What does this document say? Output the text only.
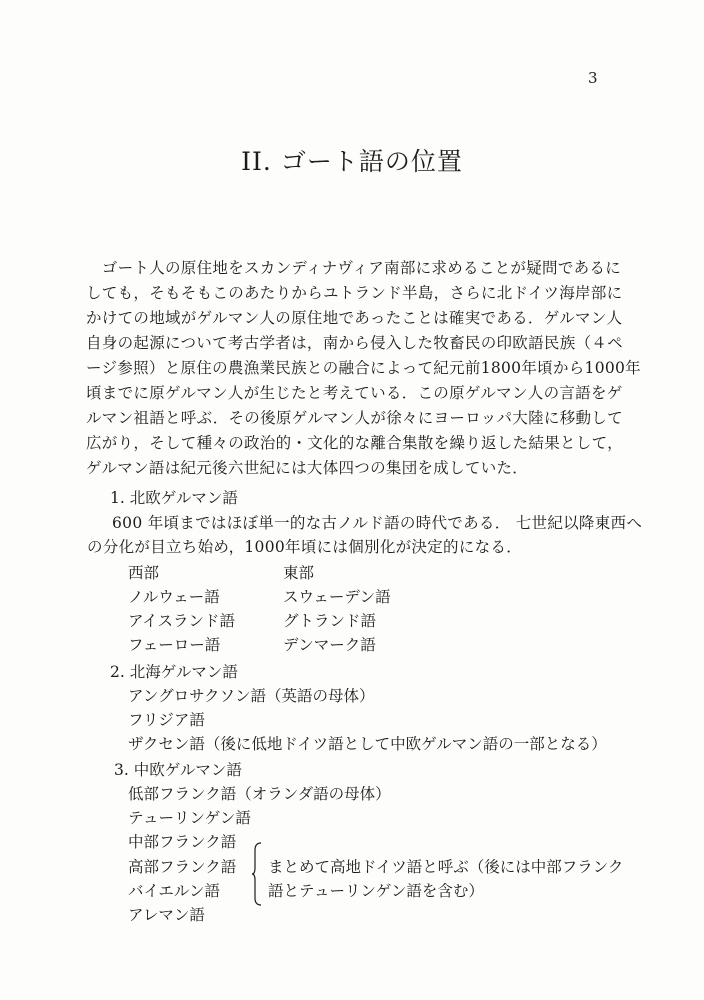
3
II. ゴート語の位置
　ゴート人の原住地をスカンディナヴィア南部に求めることが疑問であるに
しても，そもそもこのあたりからユトランド半島，さらに北ドイツ海岸部に
かけての地域がゲルマン人の原住地であったことは確実である．ゲルマン人
自身の起源について考古学者は，南から侵入した牧畜民の印欧語民族（４ペ
ージ参照）と原住の農漁業民族との融合によって紀元前1800年頃から1000年
頃までに原ゲルマン人が生じたと考えている．この原ゲルマン人の言語をゲ
ルマン祖語と呼ぶ．その後原ゲルマン人が徐々にヨーロッパ大陸に移動して
広がり，そして種々の政治的・文化的な離合集散を繰り返した結果として，
ゲルマン語は紀元後六世紀には大体四つの集団を成していた．
1. 北欧ゲルマン語
600 年頃まではほぼ単一的な古ノルド語の時代である． 七世紀以降東西へ
の分化が目立ち始め，1000年頃には個別化が決定的になる．
西部	東部
ノルウェー語	スウェーデン語
アイスランド語	グトランド語
フェーロー語	デンマーク語
2. 北海ゲルマン語
アングロサクソン語（英語の母体）
フリジア語
ザクセン語（後に低地ドイツ語として中欧ゲルマン語の一部となる）
3. 中欧ゲルマン語
低部フランク語（オランダ語の母体）
テューリンゲン語
中部フランク語
高部フランク語
バイエルン語
アレマン語
まとめて高地ドイツ語と呼ぶ（後には中部フランク
語とテューリンゲン語を含む）
